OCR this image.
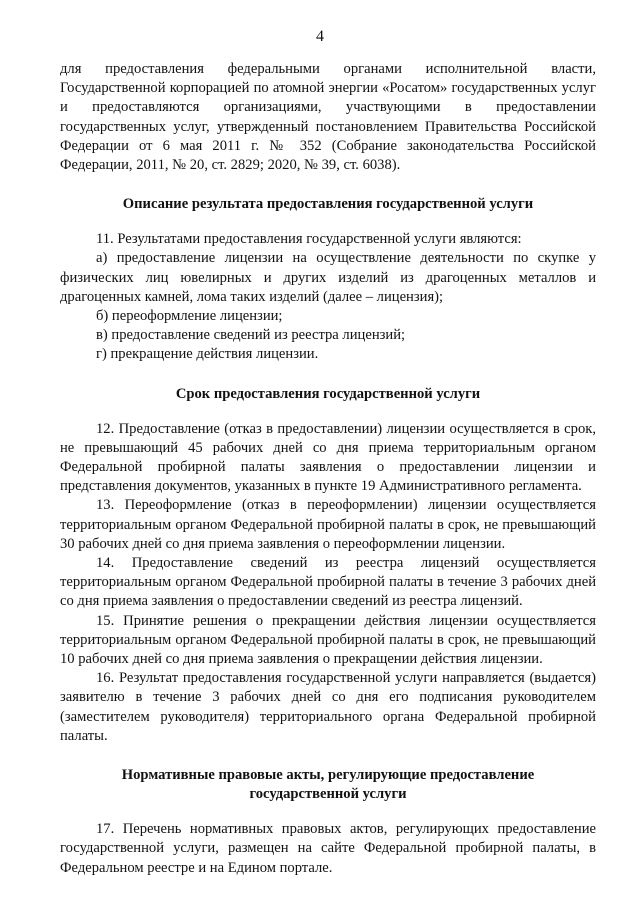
4

для предоставления федеральными органами исполнительной власти, Государственной корпорацией по атомной энергии «Росатом» государственных услуг и предоставляются организациями, участвующими в предоставлении государственных услуг, утвержденный постановлением Правительства Российской Федерации от 6 мая 2011 г. № 352 (Собрание законодательства Российской Федерации, 2011, № 20, ст. 2829; 2020, № 39, ст. 6038).

Описание результата предоставления государственной услуги

11. Результатами предоставления государственной услуги являются:

а) предоставление лицензии на осуществление деятельности по скупке у физических лиц ювелирных и других изделий из драгоценных металлов и драгоценных камней, лома таких изделий (далее – лицензия);

б) переоформление лицензии;

в) предоставление сведений из реестра лицензий;

г) прекращение действия лицензии.

Срок предоставления государственной услуги

12. Предоставление (отказ в предоставлении) лицензии осуществляется в срок, не превышающий 45 рабочих дней со дня приема территориальным органом Федеральной пробирной палаты заявления о предоставлении лицензии и представления документов, указанных в пункте 19 Административного регламента.

13. Переоформление (отказ в переоформлении) лицензии осуществляется территориальным органом Федеральной пробирной палаты в срок, не превышающий 30 рабочих дней со дня приема заявления о переоформлении лицензии.

14. Предоставление сведений из реестра лицензий осуществляется территориальным органом Федеральной пробирной палаты в течение 3 рабочих дней со дня приема заявления о предоставлении сведений из реестра лицензий.

15. Принятие решения о прекращении действия лицензии осуществляется территориальным органом Федеральной пробирной палаты в срок, не превышающий 10 рабочих дней со дня приема заявления о прекращении действия лицензии.

16. Результат предоставления государственной услуги направляется (выдается) заявителю в течение 3 рабочих дней со дня его подписания руководителем (заместителем руководителя) территориального органа Федеральной пробирной палаты.

Нормативные правовые акты, регулирующие предоставление
государственной услуги

17. Перечень нормативных правовых актов, регулирующих предоставление государственной услуги, размещен на сайте Федеральной пробирной палаты, в Федеральном реестре и на Едином портале.
